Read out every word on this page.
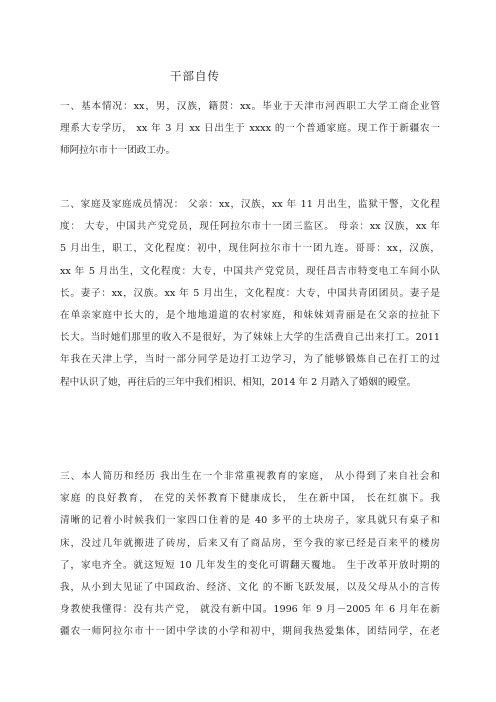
干部自传
一、基本情况：xx，男，汉族，籍贯：xx。毕业于天津市河西职工大学工商企业管
理系大专学历， xx 年 3 月 xx 日出生于 xxxx 的一个普通家庭。现工作于新疆农一
师阿拉尔市十一团政工办。
二、家庭及家庭成员情况： 父亲：xx，汉族，xx 年 11 月出生，监狱干警，文化程
度： 大专，中国共产党党员，现任阿拉尔市十一团三监区。 母亲：xx 汉族，xx 年
5 月出生，职工，文化程度：初中，现住阿拉尔市十一团九连。哥哥：xx，汉族，
xx 年 5 月出生，文化程度：大专，中国共产党党员，现任昌吉市特变电工车间小队
长。妻子：xx，汉族。xx 年 5 月出生，文化程度：大专，中国共青团团员。妻子是
在单亲家庭中长大的，是个地地道道的农村家庭，和妹妹刘青丽是在父亲的拉扯下
长大。当时她们那里的收入不是很好，为了妹妹上大学的生活费自己出来打工。2011
年我在天津上学，当时一部分同学是边打工边学习，为了能够锻炼自己在打工的过
程中认识了她，再往后的三年中我们相识、相知，2014 年 2 月踏入了婚姻的殿堂。
三、本人简历和经历 我出生在一个非常重视教育的家庭， 从小得到了来自社会和
家庭 的良好教育， 在党的关怀教育下健康成长， 生在新中国， 长在红旗下。我
清晰的记着小时候我们一家四口住着的是 40 多平的土块房子，家具就只有桌子和
床，没过几年就搬进了砖房，后来又有了商品房，至今我的家已经是百来平的楼房
了，家电齐全。就这短短 10 几年发生的变化可谓翻天覆地。 生于改革开放时期的
我，从小到大见证了中国政治、经济、文化 的不断飞跃发展，以及父母从小的言传
身教使我懂得：没有共产党， 就没有新中国。1996 年 9 月－2005 年 6 月年在新
疆农一师阿拉尔市十一团中学读的小学和初中，期间我热爱集体，团结同学，在老
